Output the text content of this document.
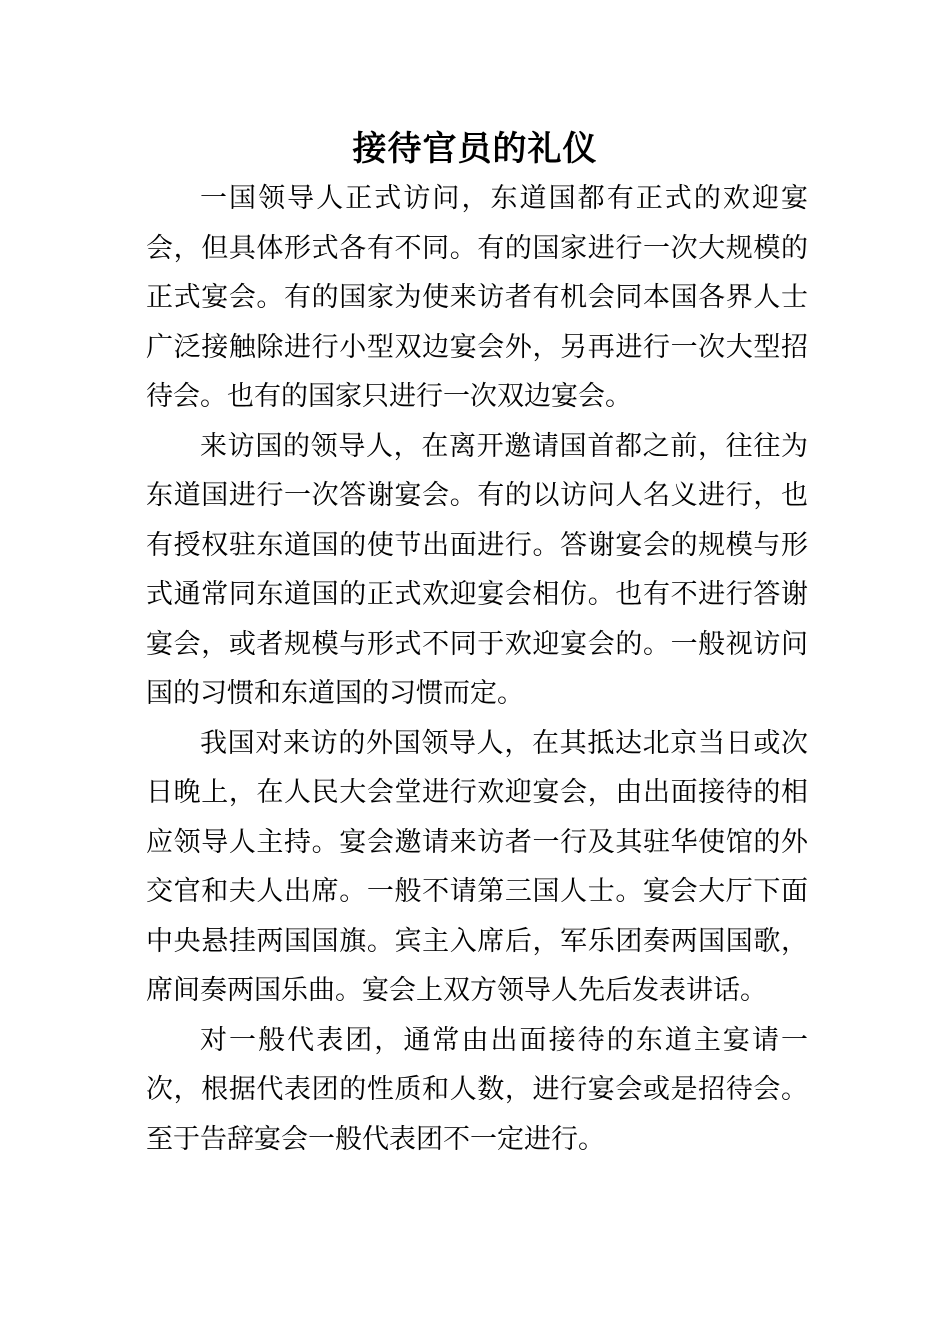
接待官员的礼仪

一国领导人正式访问，东道国都有正式的欢迎宴会，但具体形式各有不同。有的国家进行一次大规模的正式宴会。有的国家为使来访者有机会同本国各界人士广泛接触除进行小型双边宴会外，另再进行一次大型招待会。也有的国家只进行一次双边宴会。

来访国的领导人，在离开邀请国首都之前，往往为东道国进行一次答谢宴会。有的以访问人名义进行，也有授权驻东道国的使节出面进行。答谢宴会的规模与形式通常同东道国的正式欢迎宴会相仿。也有不进行答谢宴会，或者规模与形式不同于欢迎宴会的。一般视访问国的习惯和东道国的习惯而定。

我国对来访的外国领导人，在其抵达北京当日或次日晚上，在人民大会堂进行欢迎宴会，由出面接待的相应领导人主持。宴会邀请来访者一行及其驻华使馆的外交官和夫人出席。一般不请第三国人士。宴会大厅下面中央悬挂两国国旗。宾主入席后，军乐团奏两国国歌，席间奏两国乐曲。宴会上双方领导人先后发表讲话。

对一般代表团，通常由出面接待的东道主宴请一次，根据代表团的性质和人数，进行宴会或是招待会。至于告辞宴会一般代表团不一定进行。
